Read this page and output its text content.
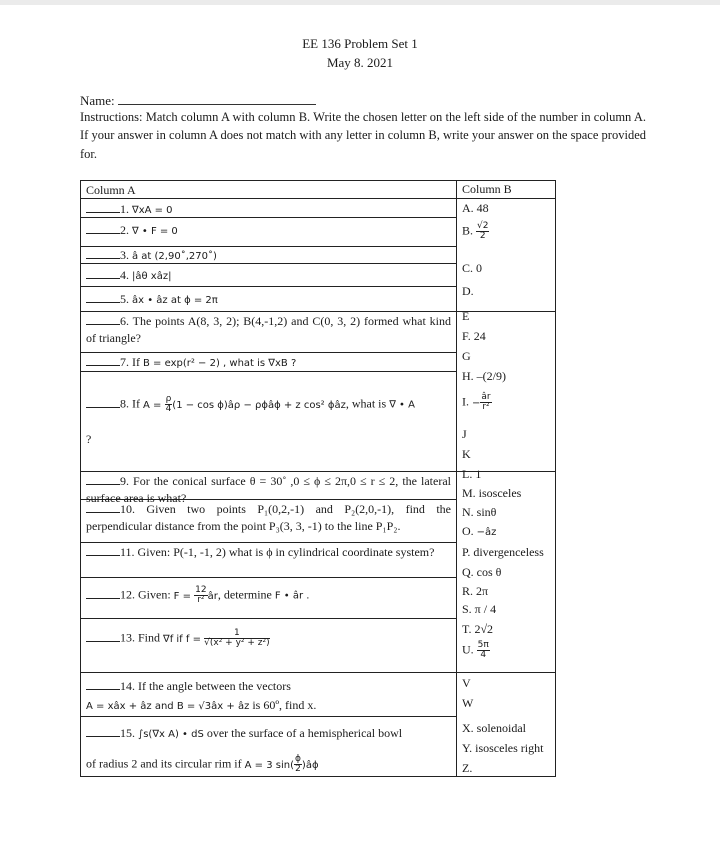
EE 136 Problem Set 1
May 8. 2021
Name:
Instructions: Match column A with column B. Write the chosen letter on the left side of the number in column A. If your answer in column A does not match with any letter in column B, write your answer on the space provided for.
Column A
1. ∇xA = 0
2. ∇ • F = 0
3. â at (2,90˚,270˚)
4. |âθ xâz|
5. âx • âz at ϕ = 2π
6. The points A(8, 3, 2); B(4,-1,2) and C(0, 3, 2) formed what kind of triangle?
7. If B = exp(r² − 2) , what is ∇xB ?
8. If $A = \frac{\rho}{4} (1 - \cos$ ϕ)âρ − ρϕâϕ + z cos² ϕâz, what is ∇ • A
?
9. For the conical surface θ = 30˚ ,0 ≤ ϕ ≤ 2π,0 ≤ r ≤ 2, the lateral surface area is what?
10. Given two points P₁(0,2,-1) and P₂(2,0,-1), find the perpendicular distance from the point P₃(3, 3, -1) to the line P₁P₂.
11. Given: P(-1, -1, 2) what is ϕ in cylindrical coordinate system?
12. Given: $F = \frac{12}{\text{r²}}$ âr, determine F • âr .
13. Find ∇f if $f = \frac{1}{\text{√(x² + y² + z²)}}$
14. If the angle between the vectors
A = xâx + âz and B = √3âx + âz is 60º, find x.
15. ∫s(∇x A) • dS over the surface of a hemispherical bowl
of radius 2 and its circular rim if A = 3 $\sin( \frac{\phi}{2}$ )âϕ
Column B
A. 48
B. $\frac{√2}{2}$
C. 0
D.
E
F. 24
G
H. –(2/9)
I. − $\frac{âr}{\text{r²}}$
J
K
L. 1
M. isosceles
N. sinθ
O. −âz
P. divergenceless
Q. cos θ
R. 2π
S. π / 4
T. 2√2
U. $\frac{5\pi}{4}$
V
W
X. solenoidal
Y. isosceles right
Z.
